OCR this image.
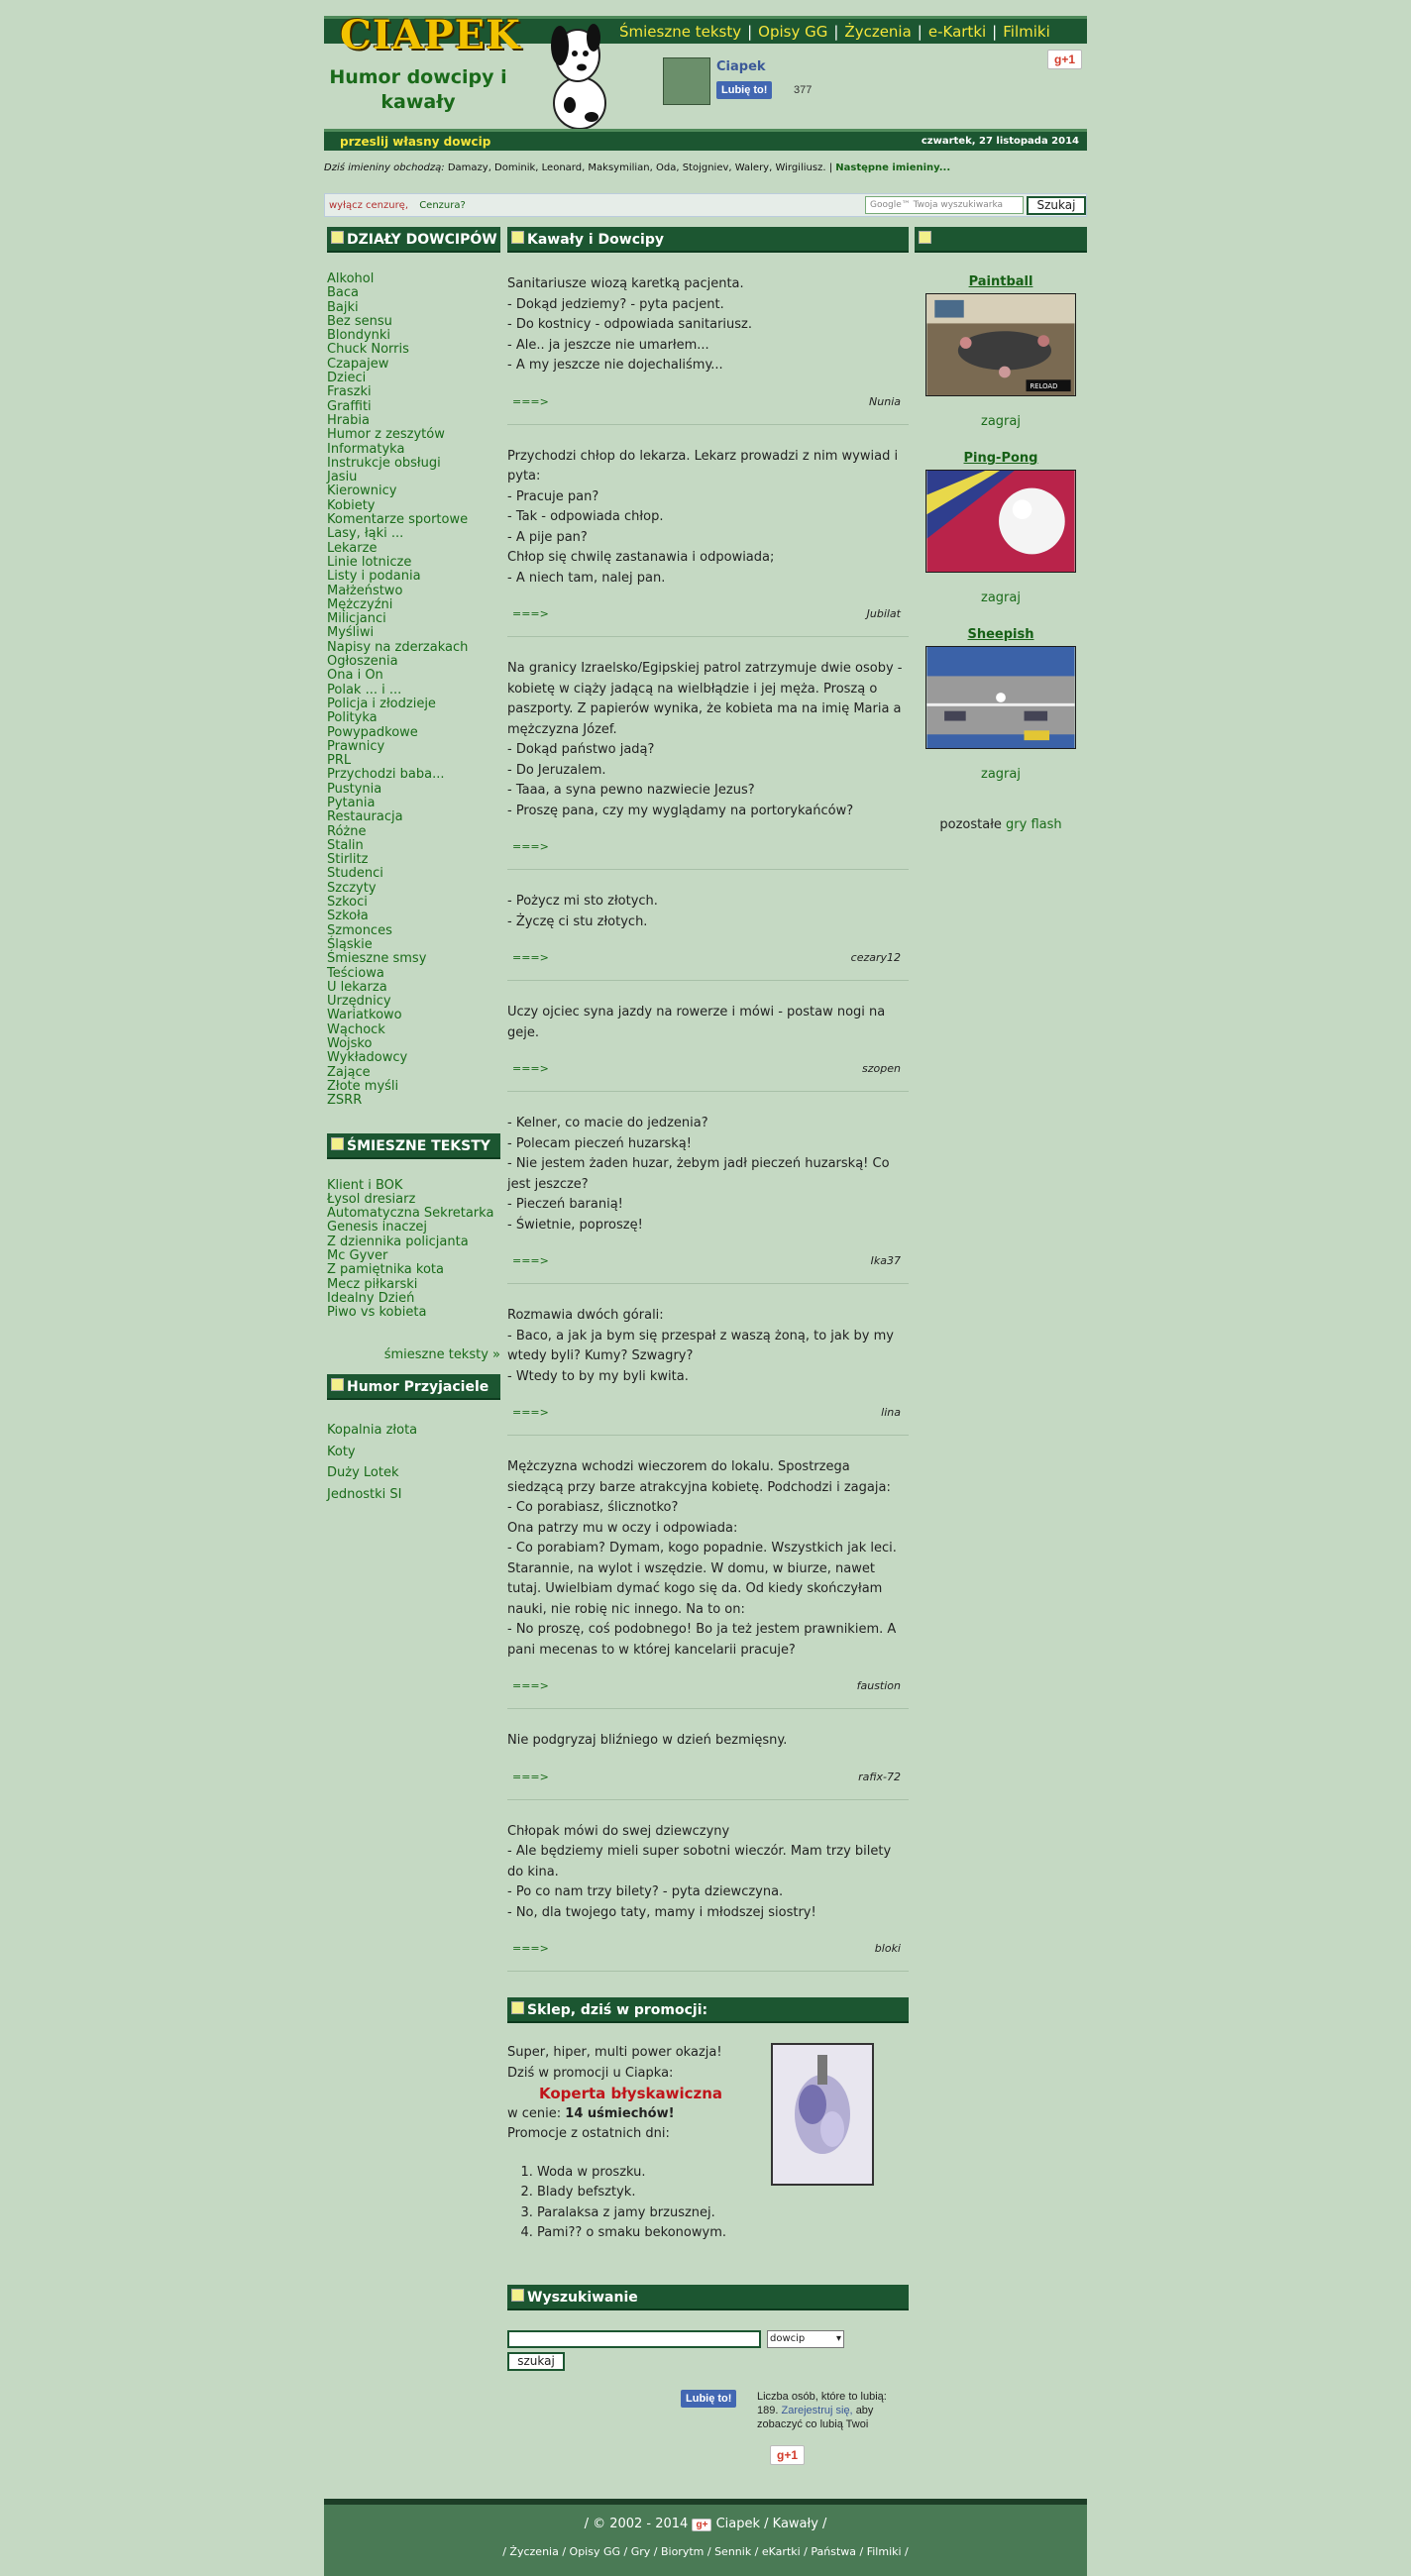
CIAPEK	Śmieszne teksty | Opisy GG | Życzenia | e-Kartki | Filmiki
Humor dowcipy i kawały
Ciapek
Lubię to!	377
g+1
przeslij własny dowcip	czwartek, 27 listopada 2014
Dziś imieniny obchodzą: Damazy, Dominik, Leonard, Maksymilian, Oda, Stojgniev, Walery, Wirgiliusz. | Następne imieniny...
wyłącz cenzurę, Cenzura?	Google™ Twoja wyszukiwarka	Szukaj
DZIAŁY DOWCIPÓW
Alkohol
Baca
Bajki
Bez sensu
Blondynki
Chuck Norris
Czapajew
Dzieci
Fraszki
Graffiti
Hrabia
Humor z zeszytów
Informatyka
Instrukcje obsługi
Jasiu
Kierownicy
Kobiety
Komentarze sportowe
Lasy, łąki ...
Lekarze
Linie lotnicze
Listy i podania
Małżeństwo
Mężczyźni
Milicjanci
Myśliwi
Napisy na zderzakach
Ogłoszenia
Ona i On
Polak ... i ...
Policja i złodzieje
Polityka
Powypadkowe
Prawnicy
PRL
Przychodzi baba...
Pustynia
Pytania
Restauracja
Różne
Stalin
Stirlitz
Studenci
Szczyty
Szkoci
Szkoła
Szmonces
Śląskie
Śmieszne smsy
Teściowa
U lekarza
Urzędnicy
Wariatkowo
Wąchock
Wojsko
Wykładowcy
Zające
Złote myśli
ZSRR
ŚMIESZNE TEKSTY
Klient i BOK
Łysol dresiarz
Automatyczna Sekretarka
Genesis inaczej
Z dziennika policjanta
Mc Gyver
Z pamiętnika kota
Mecz piłkarski
Idealny Dzień
Piwo vs kobieta
śmieszne teksty »
Humor Przyjaciele
Kopalnia złota
Koty
Duży Lotek
Jednostki SI
Kawały i Dowcipy
Sanitariusze wiozą karetką pacjenta.
- Dokąd jedziemy? - pyta pacjent.
- Do kostnicy - odpowiada sanitariusz.
- Ale.. ja jeszcze nie umarłem...
- A my jeszcze nie dojechaliśmy...
===>	Nunia
Przychodzi chłop do lekarza. Lekarz prowadzi z nim wywiad i pyta:
- Pracuje pan?
- Tak - odpowiada chłop.
- A pije pan?
Chłop się chwilę zastanawia i odpowiada;
- A niech tam, nalej pan.
===>	Jubilat
Na granicy Izraelsko/Egipskiej patrol zatrzymuje dwie osoby - kobietę w ciąży jadącą na wielbłądzie i jej męża. Proszą o paszporty. Z papierów wynika, że kobieta ma na imię Maria a mężczyzna Józef.
- Dokąd państwo jadą?
- Do Jeruzalem.
- Taaa, a syna pewno nazwiecie Jezus?
- Proszę pana, czy my wyglądamy na portorykańców?
===>
- Pożycz mi sto złotych.
- Życzę ci stu złotych.
===>	cezary12
Uczy ojciec syna jazdy na rowerze i mówi - postaw nogi na geje.
===>	szopen
- Kelner, co macie do jedzenia?
- Polecam pieczeń huzarską!
- Nie jestem żaden huzar, żebym jadł pieczeń huzarską! Co jest jeszcze?
- Pieczeń baranią!
- Świetnie, poproszę!
===>	Ika37
Rozmawia dwóch górali:
- Baco, a jak ja bym się przespał z waszą żoną, to jak by my wtedy byli? Kumy? Szwagry?
- Wtedy to by my byli kwita.
===>	lina
Mężczyzna wchodzi wieczorem do lokalu. Spostrzega siedzącą przy barze atrakcyjna kobietę. Podchodzi i zagaja:
- Co porabiasz, ślicznotko?
Ona patrzy mu w oczy i odpowiada:
- Co porabiam? Dymam, kogo popadnie. Wszystkich jak leci. Starannie, na wylot i wszędzie. W domu, w biurze, nawet tutaj. Uwielbiam dymać kogo się da. Od kiedy skończyłam nauki, nie robię nic innego. Na to on:
- No proszę, coś podobnego! Bo ja też jestem prawnikiem. A pani mecenas to w której kancelarii pracuje?
===>	faustion
Nie podgryzaj bliźniego w dzień bezmięsny.
===>	rafix-72
Chłopak mówi do swej dziewczyny
- Ale będziemy mieli super sobotni wieczór. Mam trzy bilety do kina.
- Po co nam trzy bilety? - pyta dziewczyna.
- No, dla twojego taty, mamy i młodszej siostry!
===>	bloki
Sklep, dziś w promocji:
Super, hiper, multi power okazja!
Dziś w promocji u Ciapka:
Koperta błyskawiczna
w cenie: 14 uśmiechów!
Promocje z ostatnich dni:
1. Woda w proszku.
2. Blady befsztyk.
3. Paralaksa z jamy brzusznej.
4. Pami?? o smaku bekonowym.
Wyszukiwanie
dowcip	▾
szukaj
Lubię to!	Liczba osób, które to lubią: 189. Zarejestruj się, aby zobaczyć co lubią Twoi
g+1
Paintball
RELOAD
zagraj
Ping-Pong
zagraj
Sheepish
zagraj
pozostałe gry flash
/ © 2002 - 2014 g+ Ciapek / Kawały /
/ Życzenia / Opisy GG / Gry / Biorytm / Sennik / eKartki / Państwa / Filmiki /
